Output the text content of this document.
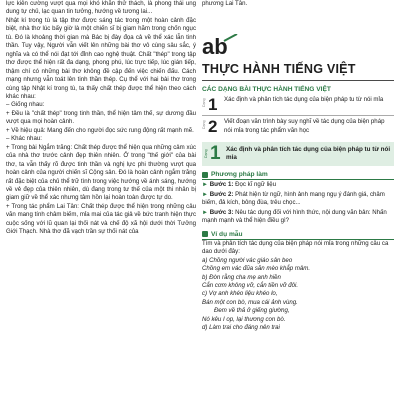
lực kiên cường vượt qua mọi khó khăn thử thách, là phong thái ung dung tự chủ, lạc quan tin tưởng, hướng về tương lai...

Nhật kí trong tù là tập thơ được sáng tác trong một hoàn cảnh đặc biệt, nhà thơ lúc bấy giờ là một chiến sĩ bị giam hãm trong chốn ngục tù. Đó là khoảng thời gian mà Bác bị đày đọa cả về thể xác lẫn tinh thần. Tuy vậy, Người vẫn viết lên những bài thơ vô cùng sâu sắc, ý nghĩa và có thể nói đạt tới đỉnh cao nghệ thuật. Chất "thép" trong tập thơ được thể hiện rất đa dạng, phong phú, lúc trực tiếp, lúc gián tiếp, thậm chí có những bài thơ không đề cập đến việc chiến đấu. Cách mạng nhưng vẫn toát lên tinh thần thép. Cụ thể với hai bài thơ trong cùng tập Nhật kí trong tù, ta thấy chất thép được thể hiện theo cách khác nhau:

– Giống nhau:

+ Đều là "chất thép" trong tinh thần, thể hiện tâm thế, sự dương đầu vượt qua mọi hoàn cảnh.

+ Về hiệu quả: Mang đến cho người đọc sức rung động rất mạnh mẽ.

– Khác nhau:

+ Trong bài Ngắm trăng: Chất thép được thể hiện qua những cảm xúc của nhà thơ trước cảnh đẹp thiên nhiên. Ở trong "thế giới" của bài thơ, ta vẫn thấy rõ được tinh thần và nghị lực phi thường vượt qua hoàn cảnh của người chiến sĩ Cộng sản. Đó là hoàn cảnh ngắm trăng rất đặc biệt của chủ thể trữ tình trong việc hướng về ánh sáng, hướng về vẻ đẹp của thiên nhiên, dù đang trong tư thế của một thi nhân bị giam giữ về thể xác nhưng tâm hồn lại hoàn toàn được tự do.

+ Trong tác phẩm Lai Tân: Chất thép được thể hiện trong những câu văn mang tính châm biếm, mỉa mai của tác giả về bức tranh hiện thực cuộc sống với lũ quan lại thối nát và chế độ xã hội dưới thời Tưởng Giới Thạch. Nhà thơ đã vạch trần sự thối nát của

phương Lai Tân.
ab
THỰC HÀNH TIẾNG VIỆT
CÁC DẠNG BÀI THỰC HÀNH TIẾNG VIỆT
Dạng 1	Xác định và phân tích tác dụng của biện pháp tu từ nói mỉa
Dạng 2	Viết đoạn văn trình bày suy nghĩ về tác dụng của biện pháp nói mỉa trong tác phẩm văn học
Dạng 1 Xác định và phân tích tác dụng của biện pháp tu từ nói mỉa
Phương pháp làm
► Bước 1: Đọc kĩ ngữ liệu
► Bước 2: Phát hiện từ ngữ, hình ảnh mang ngụ ý đánh giá, châm biếm, đả kích, bông đùa, trêu chọc...
► Bước 3: Nêu tác dụng đối với hình thức, nội dung văn bản: Nhấn mạnh mạnh và thể hiện điều gì?
Ví dụ mẫu
Tìm và phân tích tác dụng của biện pháp nói mỉa trong những câu ca dao dưới đây:
a) Chồng người vác giáo sân beo
Chồng em vác đũa săn mèo khắp mâm.
b) Đòn rằng cha mẹ anh hiền
Cắn cơm không vỡ, cắn tiền vỡ đôi.
c) Vợ anh khéo liệu khéo lo,
Bán một con bò, mua cái ảnh vùng.
Đem về thả ở giếng giường,
Nó kêu I op, lại thương con bò.
d) Làm trai cho đáng nên trai
